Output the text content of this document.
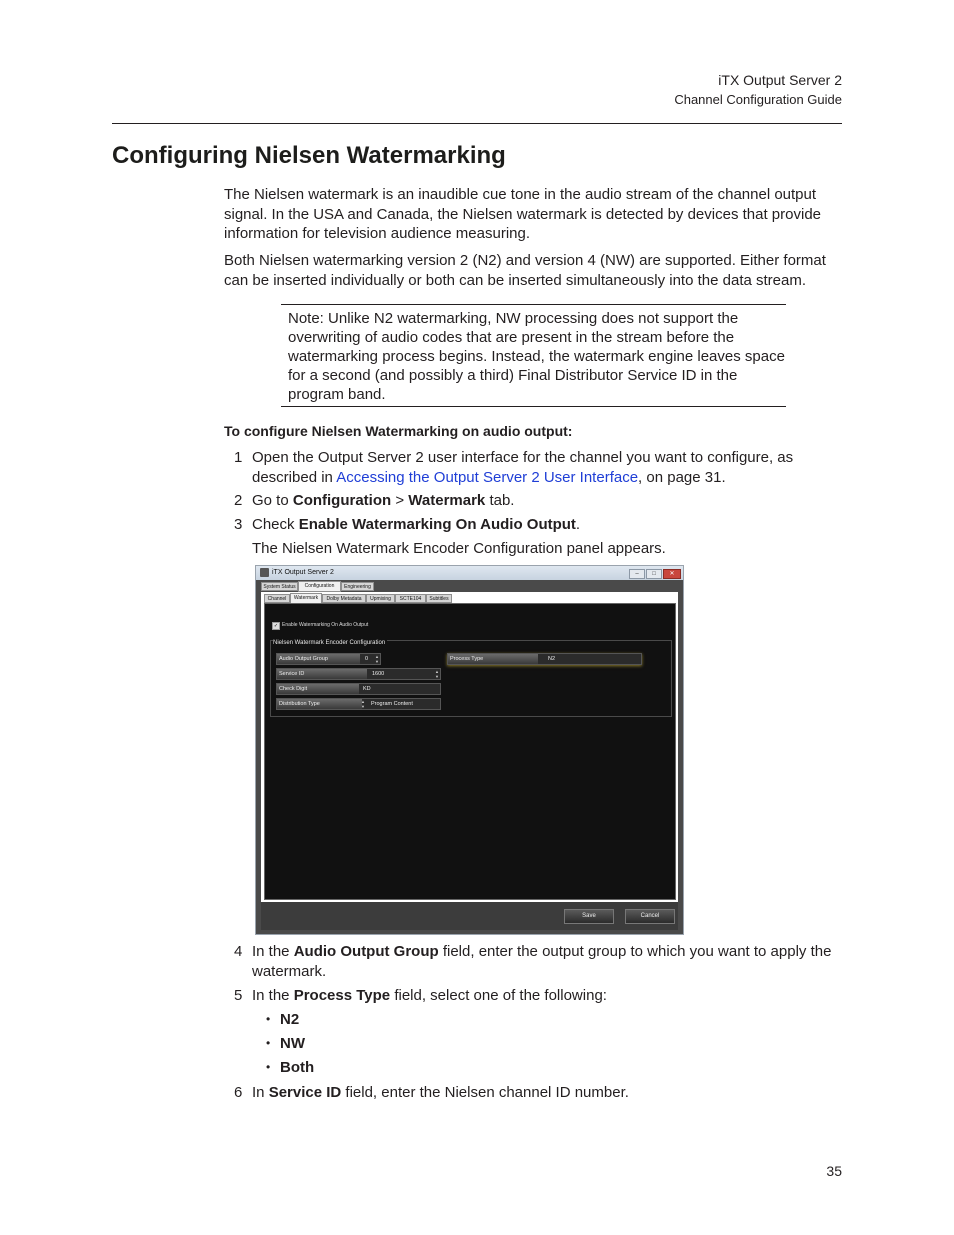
iTX Output Server 2
Channel Configuration Guide
Configuring Nielsen Watermarking

The Nielsen watermark is an inaudible cue tone in the audio stream of the channel output signal. In the USA and Canada, the Nielsen watermark is detected by devices that provide information for television audience measuring.

Both Nielsen watermarking version 2 (N2) and version 4 (NW) are supported. Either format can be inserted individually or both can be inserted simultaneously into the data stream.

Note: Unlike N2 watermarking, NW processing does not support the overwriting of audio codes that are present in the stream before the watermarking process begins. Instead, the watermark engine leaves space for a second (and possibly a third) Final Distributor Service ID in the program band.
To configure Nielsen Watermarking on audio output:
1 Open the Output Server 2 user interface for the channel you want to configure, as described in Accessing the Output Server 2 User Interface, on page 31.
2 Go to Configuration > Watermark tab.
3 Check Enable Watermarking On Audio Output.
The Nielsen Watermark Encoder Configuration panel appears.
iTX Output Server 2	–	□	✕
System Status	Configuration	Engineering
Channel	Watermark	Dolby Metadata	Upmixing	SCTE104	Subtitles
✓ Enable Watermarking On Audio Output
Nielsen Watermark Encoder Configuration
Audio Output Group	0 ▲
▼
Service ID	1600	▲
▼
Check Digit	KD
Distribution Type	Program Content
▲
▼
Process Type	N2
Save	Cancel
4 In the Audio Output Group field, enter the output group to which you want to apply the watermark.
5 In the Process Type field, select one of the following:
• N2
• NW
• Both
6 In Service ID field, enter the Nielsen channel ID number.
35
